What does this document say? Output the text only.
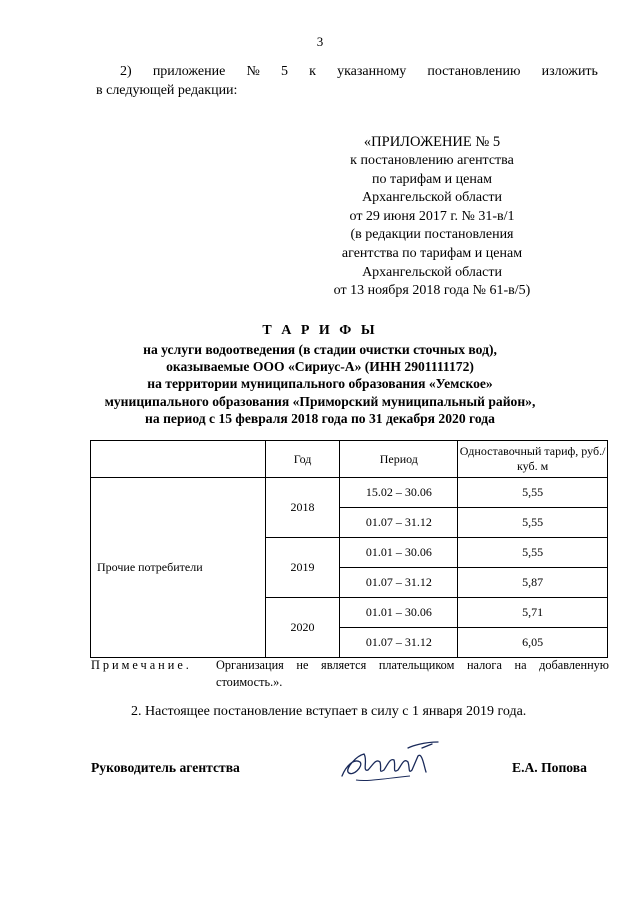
3
2) приложение № 5 к указанному постановлению изложить
в следующей редакции:
«ПРИЛОЖЕНИЕ № 5
к постановлению агентства
по тарифам и ценам
Архангельской области
от 29 июня 2017 г. № 31-в/1
(в редакции постановления
агентства по тарифам и ценам
Архангельской области
от 13 ноября 2018 года № 61-в/5)
Т А Р И Ф Ы
на услуги водоотведения (в стадии очистки сточных вод),
оказываемые ООО «Сириус-А» (ИНН 2901111172)
на территории муниципального образования «Уемское»
муниципального образования «Приморский муниципальный район»,
на период с 15 февраля 2018 года по 31 декабря 2020 года
	Год	Период	Одноставочный тариф, руб./куб. м
Прочие потребители	2018	15.02 – 30.06	5,55
		01.07 – 31.12	5,55
	2019	01.01 – 30.06	5,55
		01.07 – 31.12	5,87
	2020	01.01 – 30.06	5,71
		01.07 – 31.12	6,05
Примечание. Организация не является плательщиком налога на добавленную
стоимость.».
2. Настоящее постановление вступает в силу с 1 января 2019 года.
Руководитель агентства	Е.А. Попова
